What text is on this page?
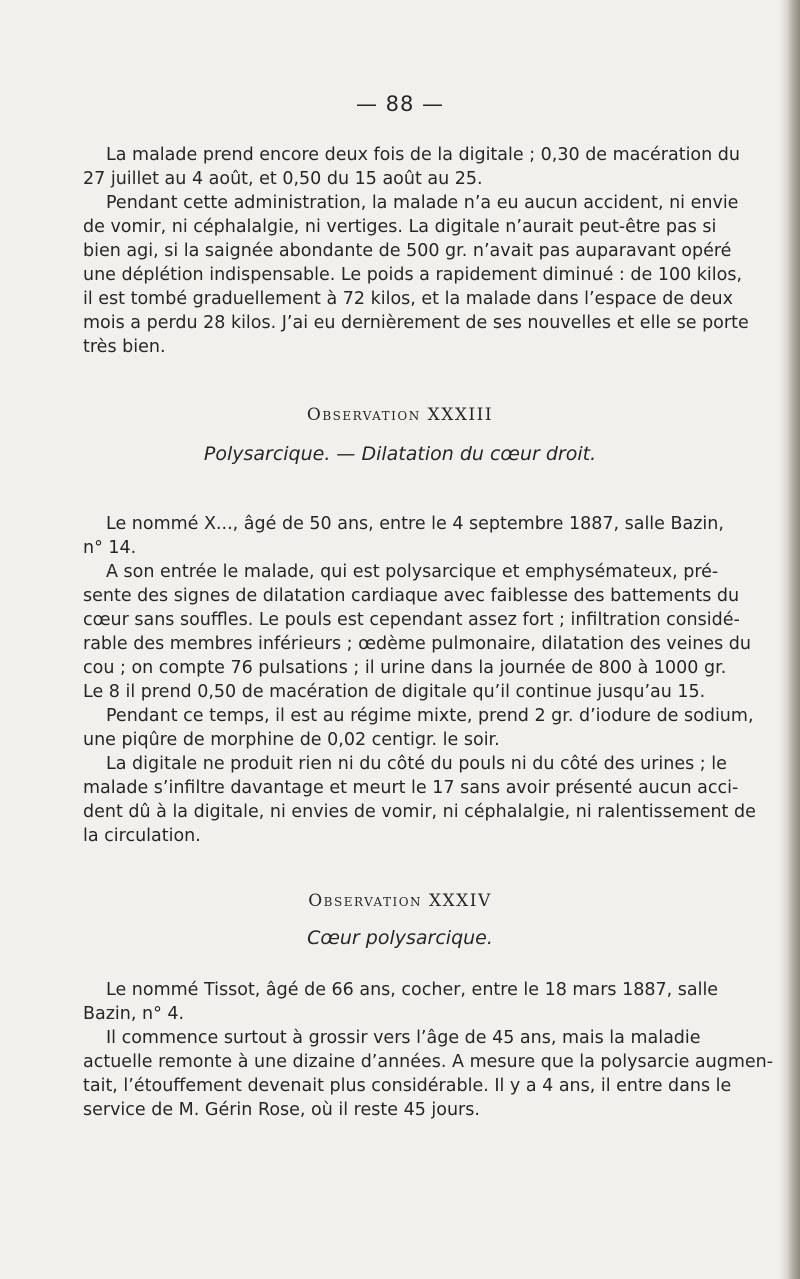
— 88 —
La malade prend encore deux fois de la digitale ; 0,30 de macération du
27 juillet au 4 août, et 0,50 du 15 août au 25.
Pendant cette administration, la malade n’a eu aucun accident, ni envie
de vomir, ni céphalalgie, ni vertiges. La digitale n’aurait peut-être pas si
bien agi, si la saignée abondante de 500 gr. n’avait pas auparavant opéré
une déplétion indispensable. Le poids a rapidement diminué : de 100 kilos,
il est tombé graduellement à 72 kilos, et la malade dans l’espace de deux
mois a perdu 28 kilos. J’ai eu dernièrement de ses nouvelles et elle se porte
très bien.
Observation XXXIII
Polysarcique. — Dilatation du cœur droit.
Le nommé X..., âgé de 50 ans, entre le 4 septembre 1887, salle Bazin,
n° 14.
A son entrée le malade, qui est polysarcique et emphysémateux, pré-
sente des signes de dilatation cardiaque avec faiblesse des battements du
cœur sans souffles. Le pouls est cependant assez fort ; infiltration considé-
rable des membres inférieurs ; œdème pulmonaire, dilatation des veines du
cou ; on compte 76 pulsations ; il urine dans la journée de 800 à 1000 gr.
Le 8 il prend 0,50 de macération de digitale qu’il continue jusqu’au 15.
Pendant ce temps, il est au régime mixte, prend 2 gr. d’iodure de sodium,
une piqûre de morphine de 0,02 centigr. le soir.
La digitale ne produit rien ni du côté du pouls ni du côté des urines ; le
malade s’infiltre davantage et meurt le 17 sans avoir présenté aucun acci-
dent dû à la digitale, ni envies de vomir, ni céphalalgie, ni ralentissement de
la circulation.
Observation XXXIV
Cœur polysarcique.
Le nommé Tissot, âgé de 66 ans, cocher, entre le 18 mars 1887, salle
Bazin, n° 4.
Il commence surtout à grossir vers l’âge de 45 ans, mais la maladie
actuelle remonte à une dizaine d’années. A mesure que la polysarcie augmen-
tait, l’étouffement devenait plus considérable. Il y a 4 ans, il entre dans le
service de M. Gérin Rose, où il reste 45 jours.
